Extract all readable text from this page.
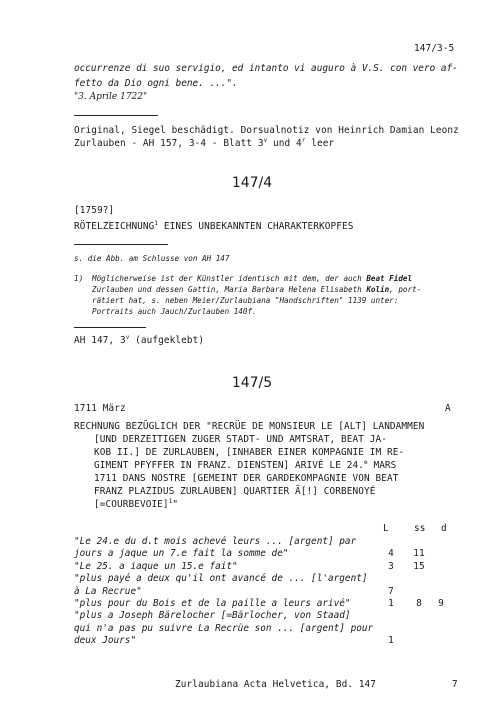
147/3-5
occurrenze di suo servigio, ed intanto vi auguro à V.S. con vero af-
fetto da Dio ogni bene. ...".
"3. Aprile 1722"
Original, Siegel beschädigt. Dorsualnotiz von Heinrich Damian Leonz
Zurlauben - AH 157, 3-4 - Blatt 3$^v$ und 4$^r$ leer
147/4
[1759?]
RÖTELZEICHNUNG$^1$ EINES UNBEKANNTEN CHARAKTERKOPFES
s. die Abb. am Schlusse von AH 147
1) Möglicherweise ist der Künstler identisch mit dem, der auch Beat Fidel
Zurlauben und dessen Gattin, Maria Barbara Helena Elisabeth Kolin, port-
rätiert hat, s. neben Meier/Zurlaubiana "Handschriften" 1139 unter:
Portraits auch Jauch/Zurlauben 140f.
AH 147, 3$^v$ (aufgeklebt)
147/5
1711 März	A
RECHNUNG BEZÜGLICH DER "RECRÜE DE MONSIEUR LE [ALT] LANDAMMEN
[UND DERZEITIGEN ZUGER STADT- UND AMTSRAT, BEAT JA-
KOB II.] DE ZURLAUBEN, [INHABER EINER KOMPAGNIE IM RE-
GIMENT PFYFFER IN FRANZ. DIENSTEN] ARIVÉ LE 24.$^e$ MARS
1711 DANS NOSTRE [GEMEINT DER GARDEKOMPAGNIE VON BEAT
FRANZ PLAZIDUS ZURLAUBEN] QUARTIER Ã[!] CORBENOYÉ
[=COURBEVOIE]$^1$"
L	ss d
"Le 24.e du d.t mois achevé leurs ... [argent] par
jours a jaque un 7.e fait la somme de"	4	11
"Le 25. a iaque un 15.e fait"	3	15
"plus payé a deux qu'il ont avancé de ... [l'argent]
à La Recrue"	7
"plus pour du Bois et de la paille a leurs arivé"	1	8	9
"plus a Joseph Bärelocher [=Bärlocher, von Staad]
qui n'a pas pu suivre La Recrüe son ... [argent] pour
deux Jours"	1
Zurlaubiana Acta Helvetica, Bd. 147	7
